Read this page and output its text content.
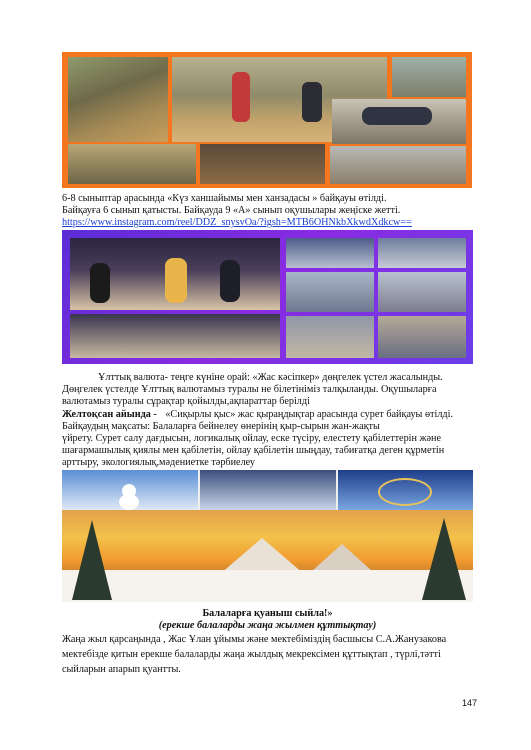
6-8 сыныптар арасында «Күз ханшайымы мен ханзадасы » байқауы өтілді.
Байқауға 6 сынып қатысты. Байқауда 9 «А» сынып оқушылары жеңіске жетті.
https://www.instagram.com/reel/DDZ_snysvOa/?igsh=MTB6OHNkbXkwdXdkcw==
Ұлттық валюта- теңге күніне орай: «Жас кәсіпкер» дөңгелек үстел жасалынды.
Дөңгелек үстелде Ұлттық валютамыз туралы не білетініміз талқыланды. Оқушыларға
валютамыз туралы сұрақтар қойылды,ақпараттар берілді
Желтоқсан айында - «Сиқырлы қыс» жас қыраңдықтар арасында сурет байқауы өтілді.
Байқаудың мақсаты: Балаларға бейнелеу өнерінің қыр-сырын жан-жақты
үйрету. Сурет салу дағдысын, логикалық ойлау, еске түсіру, елестету қабілеттерін және
шағармашылық қиялы мен қабілетін, ойлау қабілетін шыңдау, табиғатқа деген құрметін
арттыру, экологиялық,мәдениетке тәрбиелеу
Балаларға қуаныш сыйла!»
(ерекше балаларды жаңа жылмен құттықтау)
Жаңа жыл қарсаңында , Жас Ұлан ұйымы және мектебіміздің басшысы С.А.Жанузакова
мектебізде қитын ерекше балаларды жаңа жылдық мекрексімен құттықтап , түрлі,тәтті
сыйларын апарып қуантты.
147
